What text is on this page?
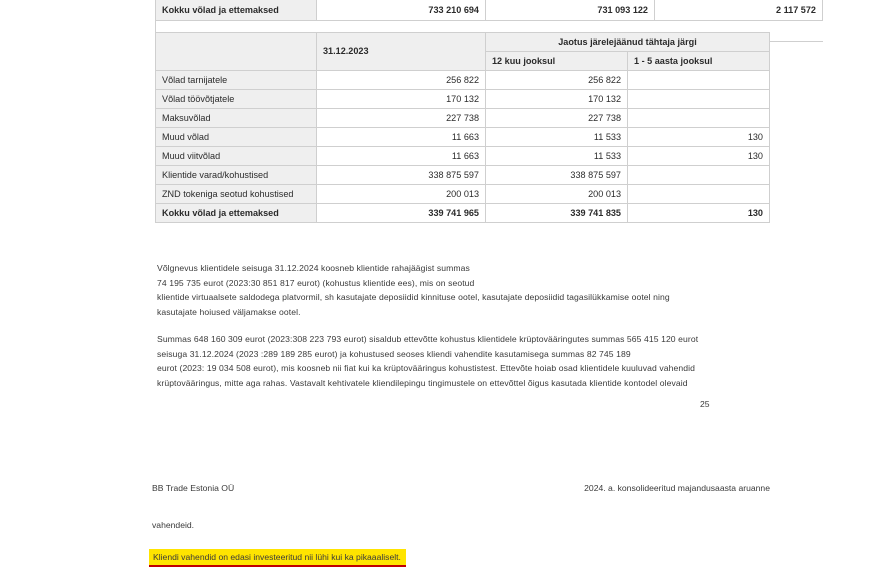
Kokku võlad ja ettemaksed	733 210 694	731 093 122	2 117 572

	31.12.2023	Jaotus järelejäänud tähtaja järgi	
		12 kuu jooksul	1 - 5 aasta jooksul
Võlad tarnijatele	256 822	256 822	
Võlad töövõtjatele	170 132	170 132	
Maksuvõlad	227 738	227 738	
Muud võlad	11 663	11 533	130
Muud viitvõlad	11 663	11 533	130
Klientide varad/kohustised	338 875 597	338 875 597	
ZND tokeniga seotud kohustised	200 013	200 013	
Kokku võlad ja ettemaksed	339 741 965	339 741 835	130
Võlgnevus klientidele seisuga 31.12.2024 koosneb klientide rahajäägist summas
74 195 735 eurot (2023:30 851 817 eurot) (kohustus klientide ees), mis on seotud
klientide virtuaalsete saldodega platvormil, sh kasutajate deposiidid kinnituse ootel, kasutajate deposiidid tagasilükkamise ootel ning
kasutajate hoiused väljamakse ootel.
Summas 648 160 309 eurot (2023:308 223 793 eurot) sisaldub ettevõtte kohustus klientidele krüptovääringutes summas 565 415 120 eurot
seisuga 31.12.2024 (2023 :289 189 285 eurot) ja kohustused seoses kliendi vahendite kasutamisega summas 82 745 189
eurot (2023: 19 034 508 eurot), mis koosneb nii fiat kui ka krüptovääringus kohustistest. Ettevõte hoiab osad klientidele kuuluvad vahendid
krüptovääringus, mitte aga rahas. Vastavalt kehtivatele kliendilepingu tingimustele on ettevõttel õigus kasutada klientide kontodel olevaid
25
BB Trade Estonia OÜ	2024. a. konsolideeritud majandusaasta aruanne
vahendeid.
Kliendi vahendid on edasi investeeritud nii lühi kui ka pikaaaliselt.
